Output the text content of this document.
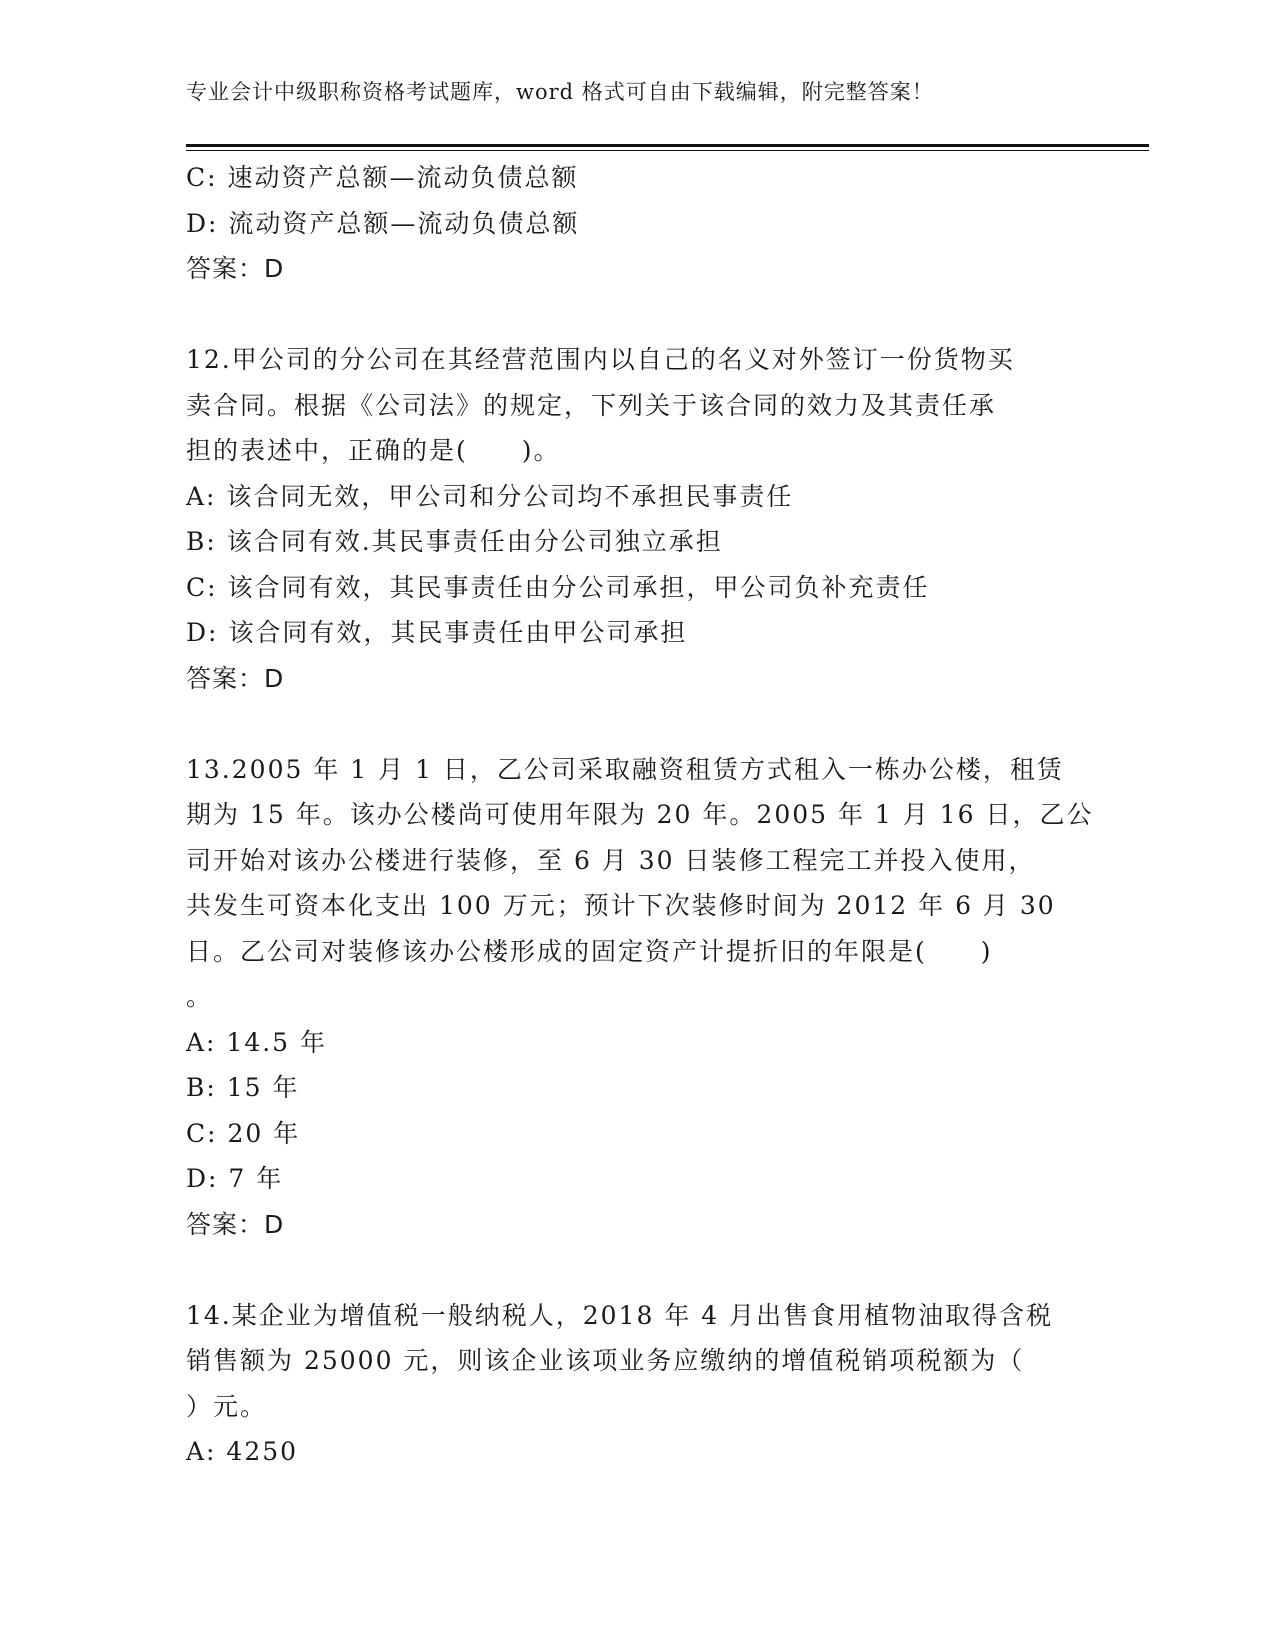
专业会计中级职称资格考试题库，word 格式可自由下载编辑，附完整答案！
C: 速动资产总额—流动负债总额
D: 流动资产总额—流动负债总额
答案：D
12.甲公司的分公司在其经营范围内以自己的名义对外签订一份货物买
卖合同。根据《公司法》的规定，下列关于该合同的效力及其责任承
担的表述中，正确的是(　　)。
A: 该合同无效，甲公司和分公司均不承担民事责任
B: 该合同有效.其民事责任由分公司独立承担
C: 该合同有效，其民事责任由分公司承担，甲公司负补充责任
D: 该合同有效，其民事责任由甲公司承担
答案：D
13.2005 年 1 月 1 日，乙公司采取融资租赁方式租入一栋办公楼，租赁
期为 15 年。该办公楼尚可使用年限为 20 年。2005 年 1 月 16 日，乙公
司开始对该办公楼进行装修，至 6 月 30 日装修工程完工并投入使用，
共发生可资本化支出 100 万元；预计下次装修时间为 2012 年 6 月 30
日。乙公司对装修该办公楼形成的固定资产计提折旧的年限是(　　)
。
A: 14.5 年
B: 15 年
C: 20 年
D: 7 年
答案：D
14.某企业为增值税一般纳税人，2018 年 4 月出售食用植物油取得含税
销售额为 25000 元，则该企业该项业务应缴纳的增值税销项税额为（
）元。
A: 4250
